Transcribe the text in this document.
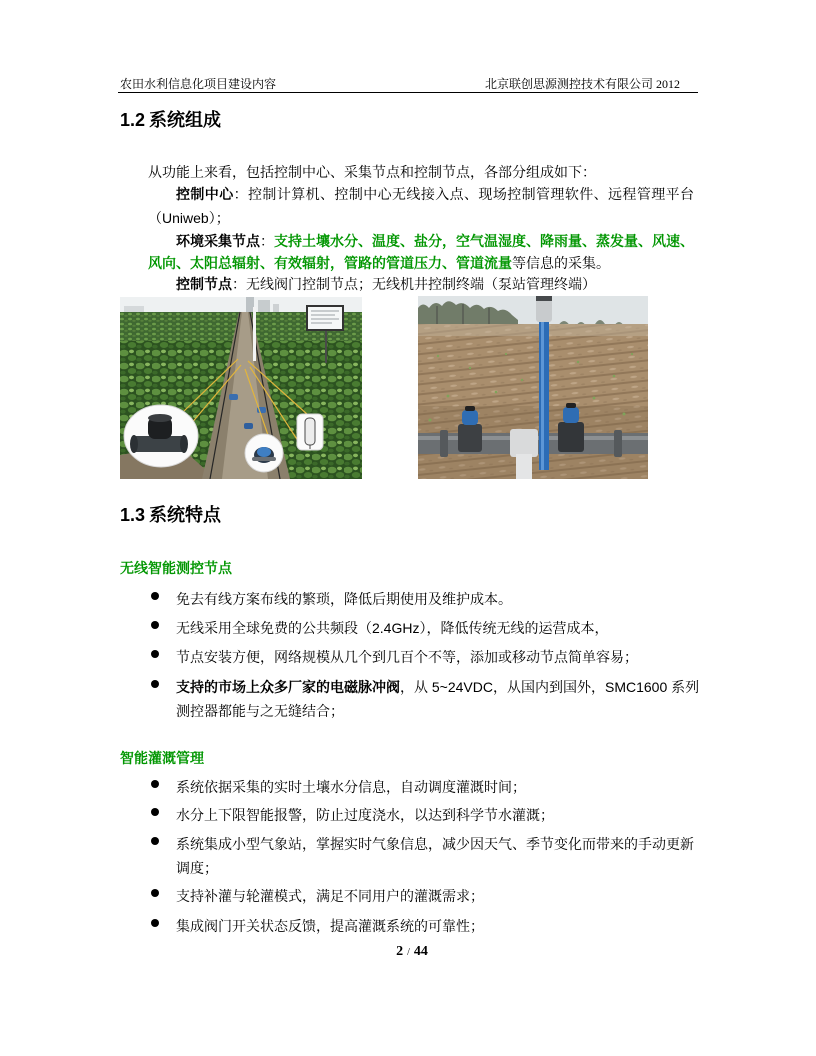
农田水利信息化项目建设内容	北京联创思源测控技术有限公司 2012
1.2 系统组成
从功能上来看，包括控制中心、采集节点和控制节点，各部分组成如下：
控制中心：控制计算机、控制中心无线接入点、现场控制管理软件、远程管理平台
（Uniweb）；
环境采集节点：支持土壤水分、温度、盐分，空气温湿度、降雨量、蒸发量、风速、
风向、太阳总辐射、有效辐射，管路的管道压力、管道流量等信息的采集。
控制节点：无线阀门控制节点；无线机井控制终端（泵站管理终端）
1.3 系统特点
无线智能测控节点
免去有线方案布线的繁琐，降低后期使用及维护成本。
无线采用全球免费的公共频段（2.4GHz），降低传统无线的运营成本，
节点安装方便，网络规模从几个到几百个不等，添加或移动节点简单容易；
支持的市场上众多厂家的电磁脉冲阀，从 5~24VDC，从国内到国外，SMC1600 系列
测控器都能与之无缝结合；
智能灌溉管理
系统依据采集的实时土壤水分信息，自动调度灌溉时间；
水分上下限智能报警，防止过度浇水，以达到科学节水灌溉；
系统集成小型气象站，掌握实时气象信息，减少因天气、季节变化而带来的手动更新
调度；
支持补灌与轮灌模式，满足不同用户的灌溉需求；
集成阀门开关状态反馈，提高灌溉系统的可靠性；
2 / 44
